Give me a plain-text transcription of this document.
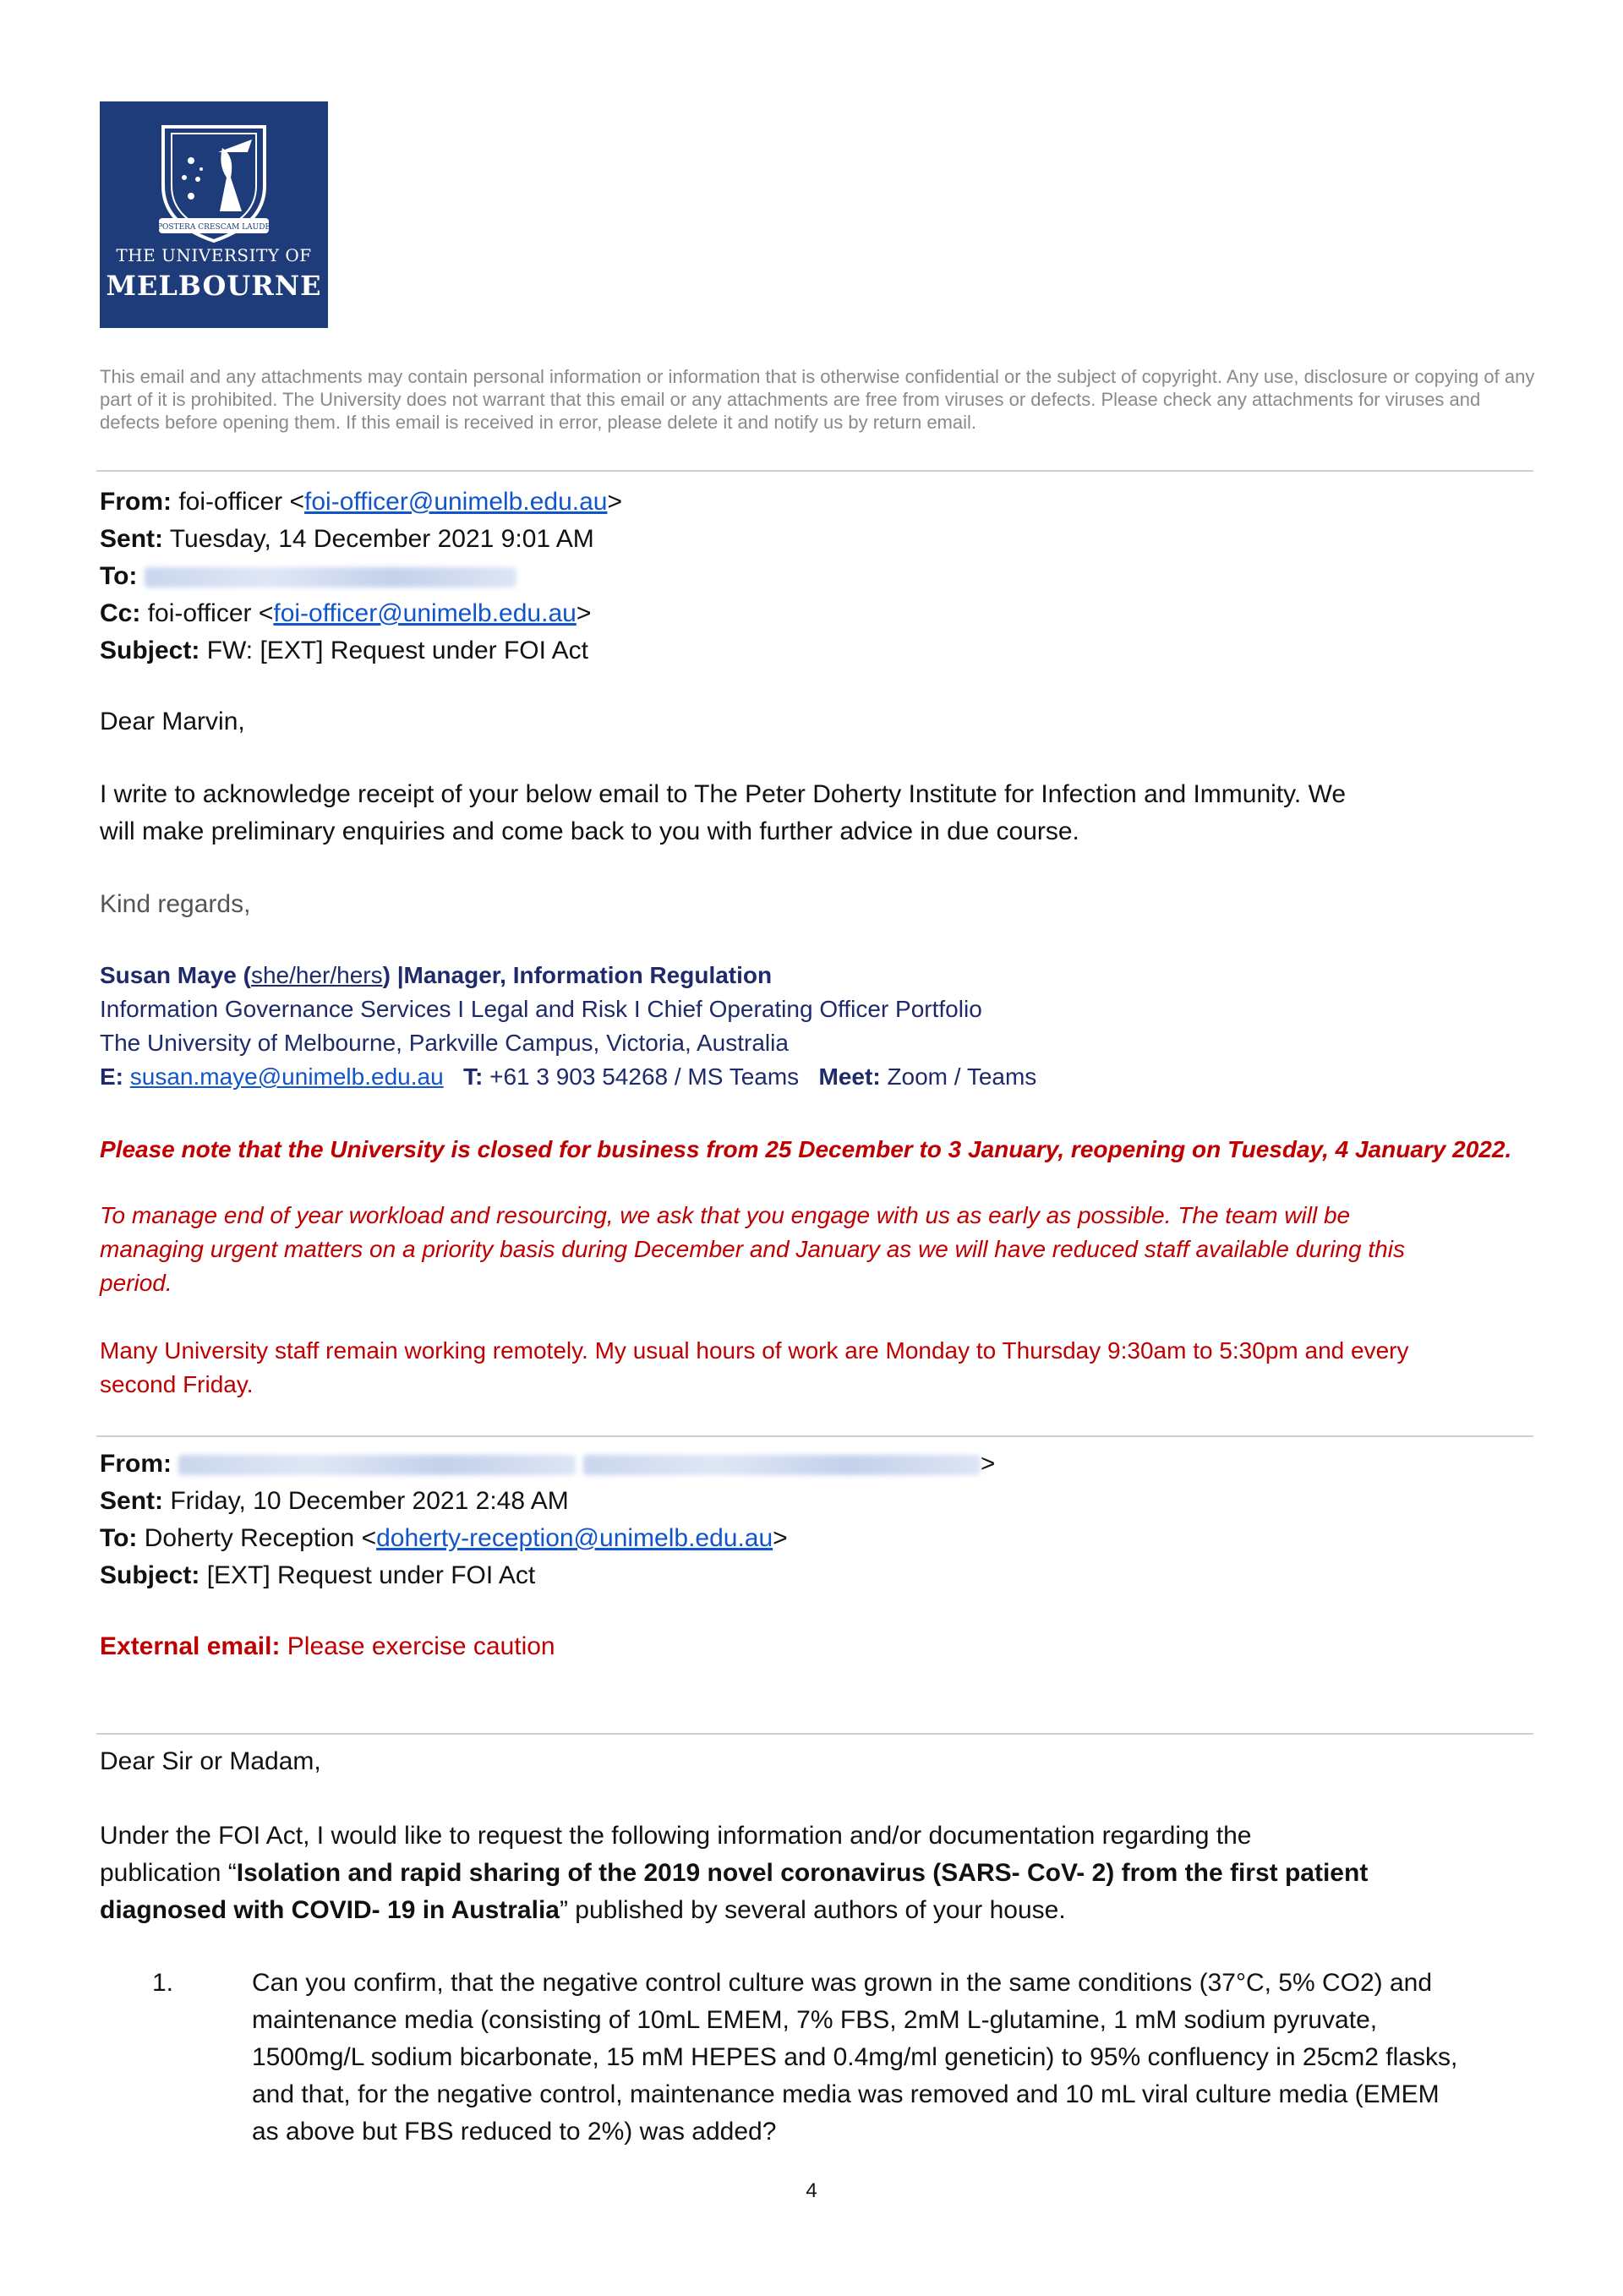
POSTERA CRESCAM LAUDE
THE UNIVERSITY OF
MELBOURNE
This email and any attachments may contain personal information or information that is otherwise confidential or the subject of copyright. Any use, disclosure or copying of any part of it is prohibited. The University does not warrant that this email or any attachments are free from viruses or defects. Please check any attachments for viruses and defects before opening them. If this email is received in error, please delete it and notify us by return email.
From: foi-officer <foi-officer@unimelb.edu.au>
Sent: Tuesday, 14 December 2021 9:01 AM
To:
Cc: foi-officer <foi-officer@unimelb.edu.au>
Subject: FW: [EXT] Request under FOI Act
Dear Marvin,
I write to acknowledge receipt of your below email to The Peter Doherty Institute for Infection and Immunity. We
will make preliminary enquiries and come back to you with further advice in due course.
Kind regards,
Susan Maye (she/her/hers) |Manager, Information Regulation
Information Governance Services I Legal and Risk I Chief Operating Officer Portfolio
The University of Melbourne, Parkville Campus, Victoria, Australia
E: susan.maye@unimelb.edu.au T: +61 3 903 54268 / MS Teams Meet: Zoom / Teams
Please note that the University is closed for business from 25 December to 3 January, reopening on Tuesday, 4 January 2022.
To manage end of year workload and resourcing, we ask that you engage with us as early as possible. The team will be
managing urgent matters on a priority basis during December and January as we will have reduced staff available during this
period.
Many University staff remain working remotely. My usual hours of work are Monday to Thursday 9:30am to 5:30pm and every
second Friday.
From:	>
Sent: Friday, 10 December 2021 2:48 AM
To: Doherty Reception <doherty-reception@unimelb.edu.au>
Subject: [EXT] Request under FOI Act
External email: Please exercise caution
Dear Sir or Madam,
Under the FOI Act, I would like to request the following information and/or documentation regarding the
publication “Isolation and rapid sharing of the 2019 novel coronavirus (SARS- CoV- 2) from the first patient
diagnosed with COVID- 19 in Australia” published by several authors of your house.
1.	Can you confirm, that the negative control culture was grown in the same conditions (37°C, 5% CO2) and
maintenance media (consisting of 10mL EMEM, 7% FBS, 2mM L-glutamine, 1 mM sodium pyruvate,
1500mg/L sodium bicarbonate, 15 mM HEPES and 0.4mg/ml geneticin) to 95% confluency in 25cm2 flasks,
and that, for the negative control, maintenance media was removed and 10 mL viral culture media (EMEM
as above but FBS reduced to 2%) was added?
4
